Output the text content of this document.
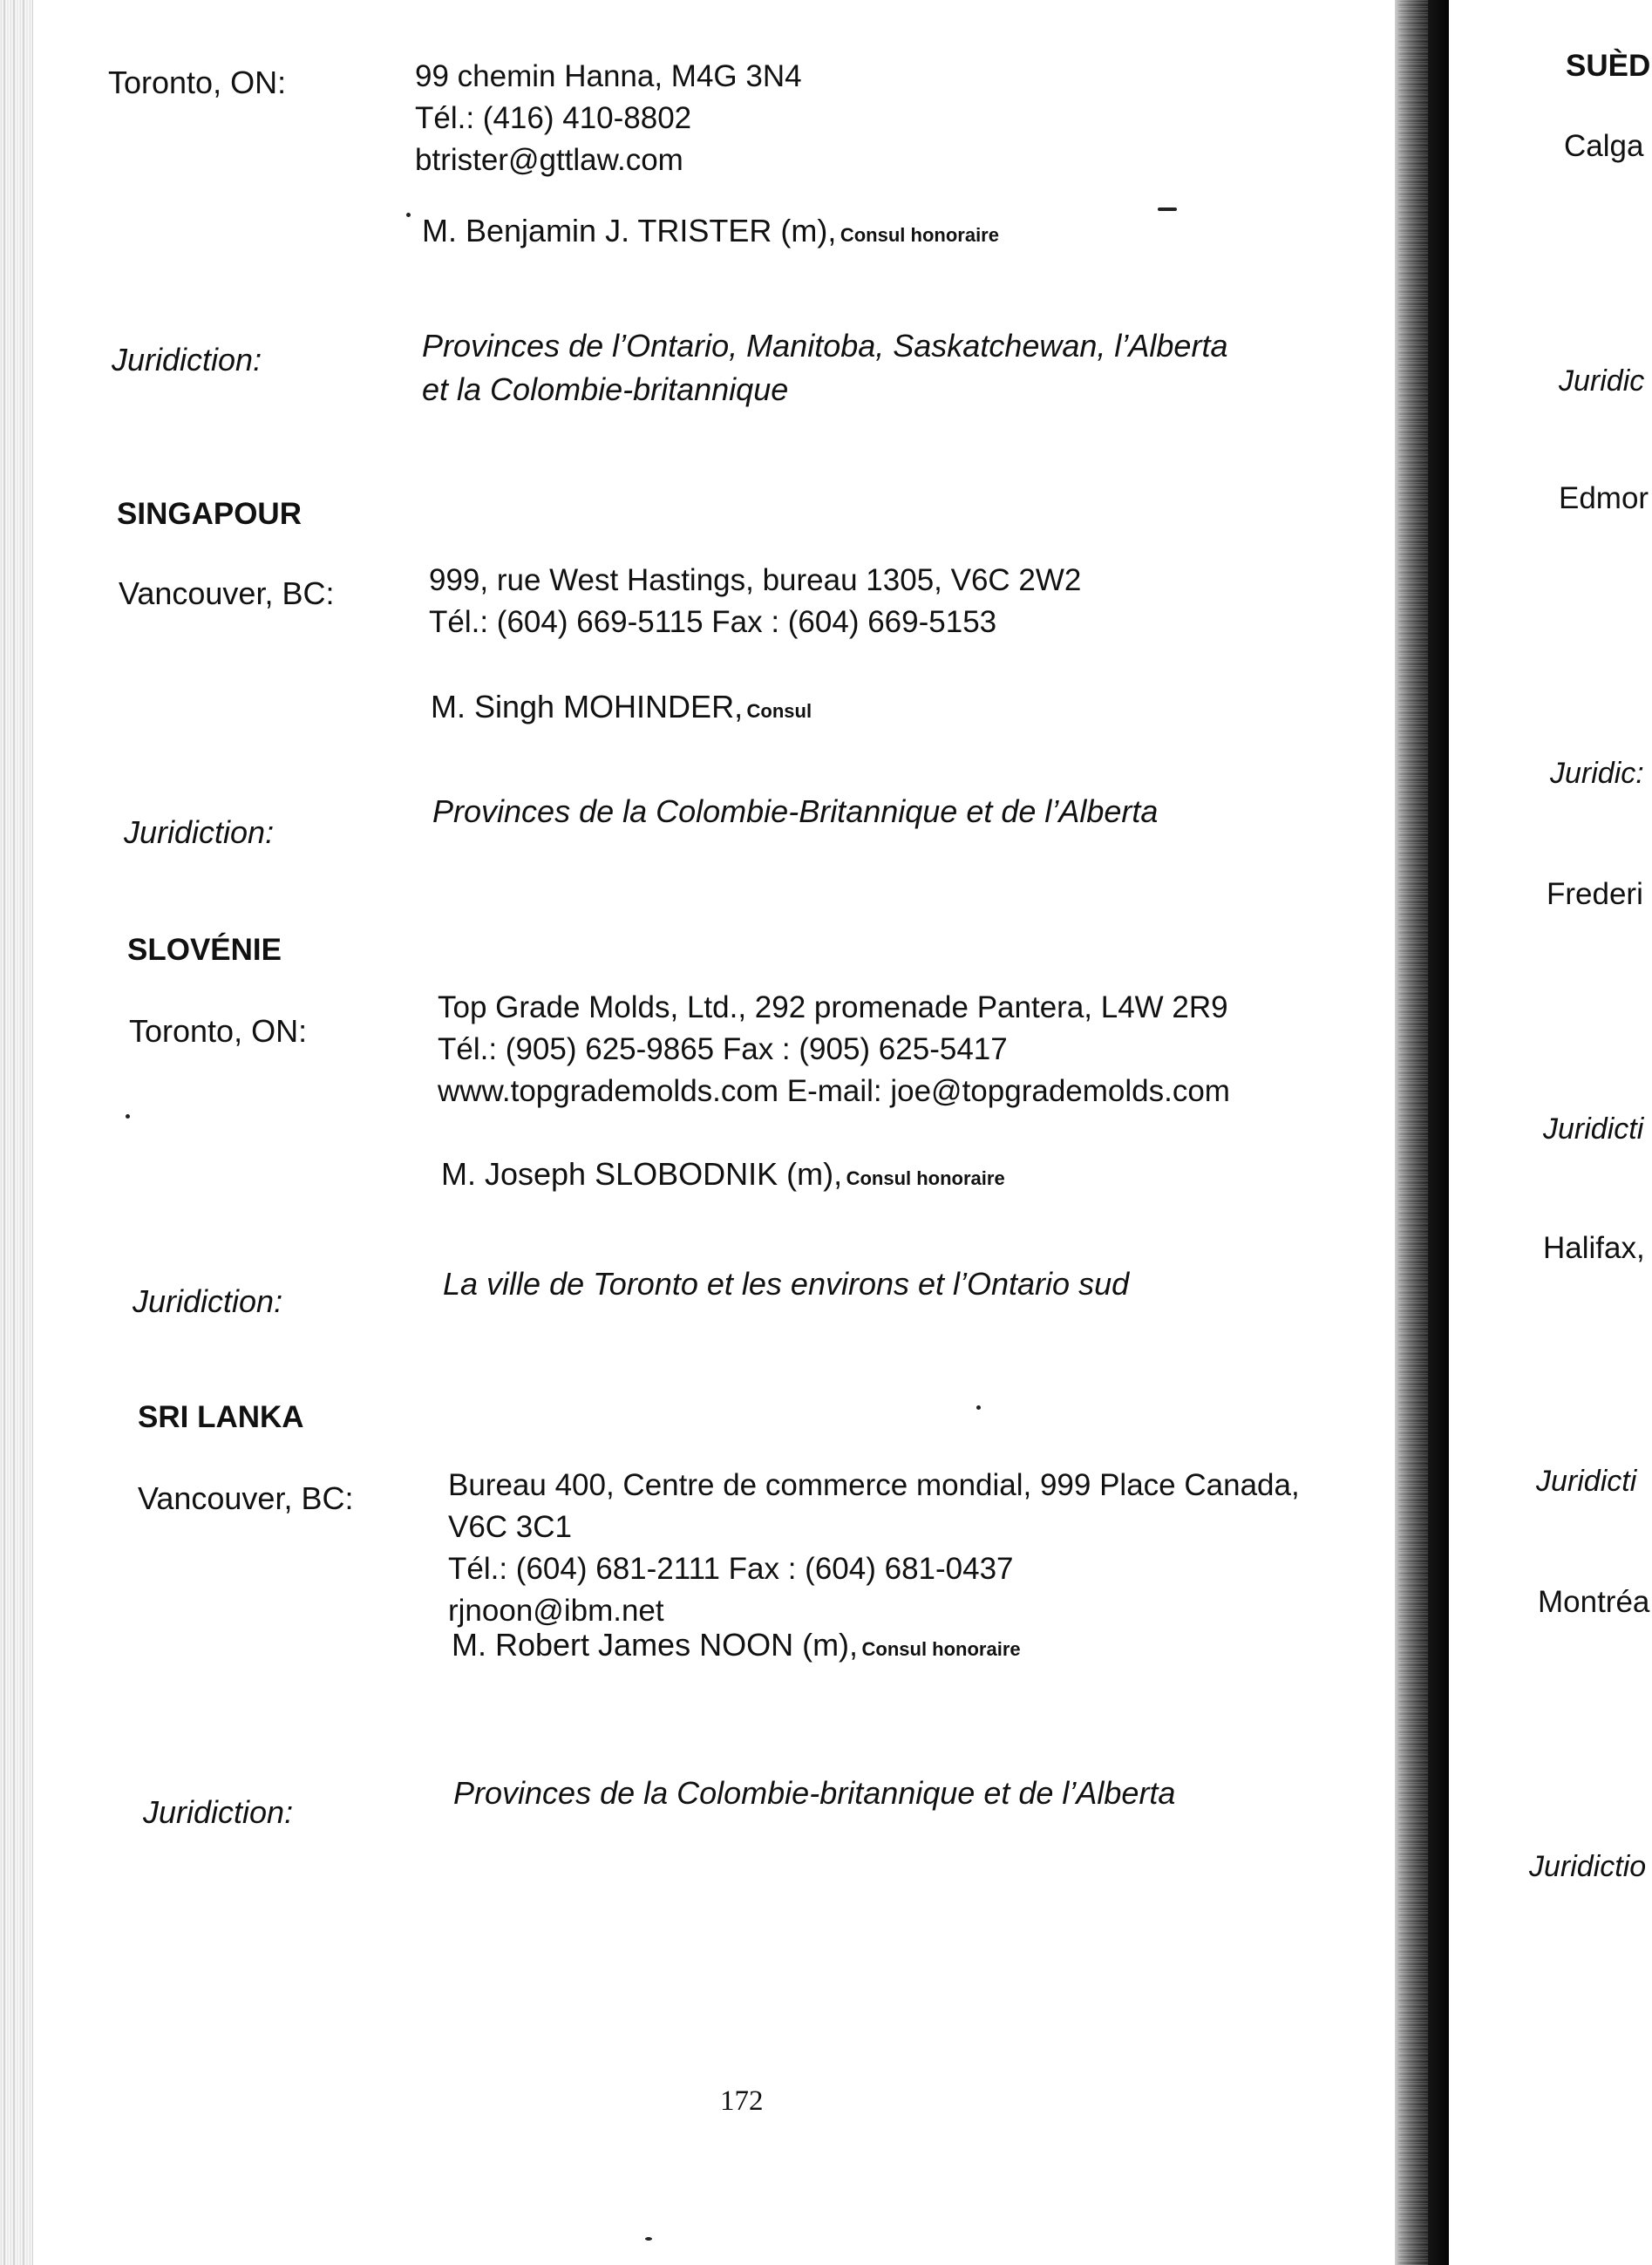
Toronto, ON:	99 chemin Hanna, M4G 3N4
Tél.: (416) 410-8802
btrister@gttlaw.com
M. Benjamin J. TRISTER (m), Consul honoraire
Juridiction:	Provinces de l’Ontario, Manitoba, Saskatchewan, l’Alberta
et la Colombie-britannique
SINGAPOUR
Vancouver, BC:	999, rue West Hastings, bureau 1305, V6C 2W2
Tél.: (604) 669-5115 Fax : (604) 669-5153
M. Singh MOHINDER, Consul
Juridiction:
Provinces de la Colombie-Britannique et de l’Alberta
SLOVÉNIE
Toronto, ON:
Top Grade Molds, Ltd., 292 promenade Pantera, L4W 2R9
Tél.: (905) 625-9865 Fax : (905) 625-5417
www.topgrademolds.com E-mail: joe@topgrademolds.com
M. Joseph SLOBODNIK (m), Consul honoraire
Juridiction:	La ville de Toronto et les environs et l’Ontario sud
SRI LANKA
Vancouver, BC:	Bureau 400, Centre de commerce mondial, 999 Place Canada,
V6C 3C1
Tél.: (604) 681-2111 Fax : (604) 681-0437
rjnoon@ibm.net
M. Robert James NOON (m), Consul honoraire
Juridiction:
Provinces de la Colombie-britannique et de l’Alberta
172
SUÈD
Calga
Juridic
Edmor
Juridic:
Frederi
Juridicti
Halifax,
Juridicti
Montréa
Juridictio
